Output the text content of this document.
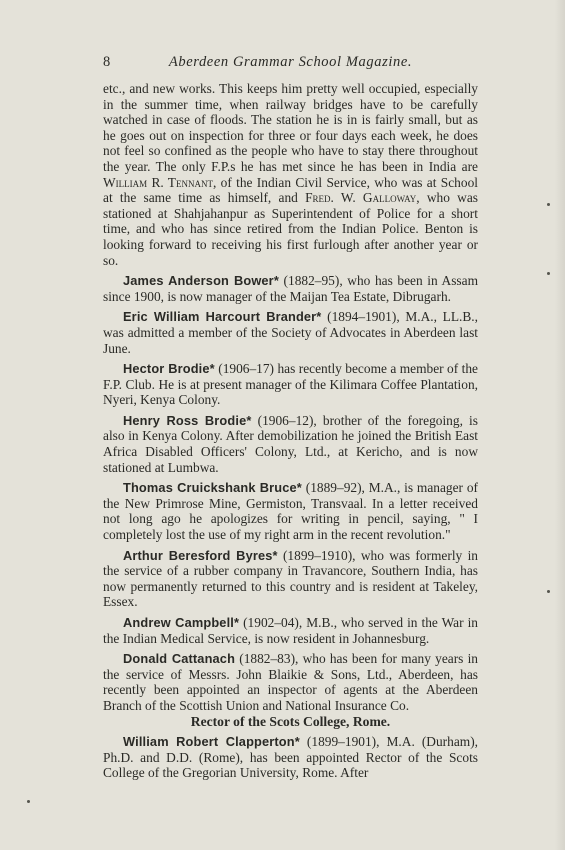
8	Aberdeen Grammar School Magazine.

etc., and new works. This keeps him pretty well occupied, especially in the summer time, when railway bridges have to be carefully watched in case of floods. The station he is in is fairly small, but as he goes out on inspection for three or four days each week, he does not feel so confined as the people who have to stay there throughout the year. The only F.P.s he has met since he has been in India are William R. Tennant, of the Indian Civil Service, who was at School at the same time as himself, and Fred. W. Galloway, who was stationed at Shahjahanpur as Superintendent of Police for a short time, and who has since retired from the Indian Police. Benton is looking forward to receiving his first furlough after another year or so.

James Anderson Bower* (1882–95), who has been in Assam since 1900, is now manager of the Maijan Tea Estate, Dibrugarh.

Eric William Harcourt Brander* (1894–1901), M.A., LL.B., was admitted a member of the Society of Advocates in Aberdeen last June.

Hector Brodie* (1906–17) has recently become a member of the F.P. Club. He is at present manager of the Kilimara Coffee Plantation, Nyeri, Kenya Colony.

Henry Ross Brodie* (1906–12), brother of the foregoing, is also in Kenya Colony. After demobilization he joined the British East Africa Disabled Officers' Colony, Ltd., at Kericho, and is now stationed at Lumbwa.

Thomas Cruickshank Bruce* (1889–92), M.A., is manager of the New Primrose Mine, Germiston, Transvaal. In a letter received not long ago he apologizes for writing in pencil, saying, " I completely lost the use of my right arm in the recent revolution."

Arthur Beresford Byres* (1899–1910), who was formerly in the service of a rubber company in Travancore, Southern India, has now permanently returned to this country and is resident at Takeley, Essex.

Andrew Campbell* (1902–04), M.B., who served in the War in the Indian Medical Service, is now resident in Johannesburg.

Donald Cattanach (1882–83), who has been for many years in the service of Messrs. John Blaikie & Sons, Ltd., Aberdeen, has recently been appointed an inspector of agents at the Aberdeen Branch of the Scottish Union and National Insurance Co.

Rector of the Scots College, Rome.

William Robert Clapperton* (1899–1901), M.A. (Durham), Ph.D. and D.D. (Rome), has been appointed Rector of the Scots College of the Gregorian University, Rome. After
